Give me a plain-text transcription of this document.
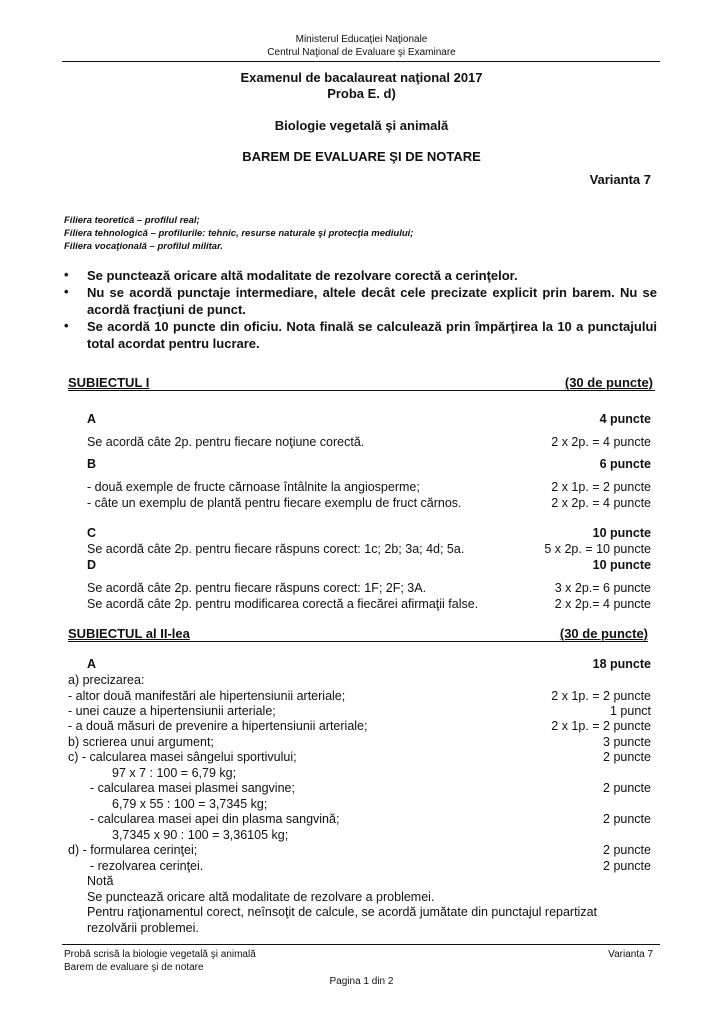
Ministerul Educaţiei Naţionale
Centrul Naţional de Evaluare şi Examinare
Examenul de bacalaureat naţional 2017
Proba E. d)
Biologie vegetală şi animală
BAREM DE EVALUARE ŞI DE NOTARE
Varianta 7
Filiera teoretică – profilul real;
Filiera tehnologică – profilurile: tehnic, resurse naturale şi protecţia mediului;
Filiera vocaţională – profilul militar.
• Se punctează oricare altă modalitate de rezolvare corectă a cerinţelor.
• Nu se acordă punctaje intermediare, altele decât cele precizate explicit prin barem. Nu se acordă fracţiuni de punct.
• Se acordă 10 puncte din oficiu. Nota finală se calculează prin împărţirea la 10 a punctajului total acordat pentru lucrare.
SUBIECTUL I	(30 de puncte)
A	4 puncte
Se acordă câte 2p. pentru fiecare noţiune corectă.	2 x 2p. = 4 puncte
B	6 puncte
- două exemple de fructe cărnoase întâlnite la angiosperme;	2 x 1p. = 2 puncte
- câte un exemplu de plantă pentru fiecare exemplu de fruct cărnos.	2 x 2p. = 4 puncte
C	10 puncte
Se acordă câte 2p. pentru fiecare răspuns corect: 1c; 2b; 3a; 4d; 5a.	5 x 2p. = 10 puncte
D	10 puncte
Se acordă câte 2p. pentru fiecare răspuns corect: 1F; 2F; 3A.	3 x 2p.= 6 puncte
Se acordă câte 2p. pentru modificarea corectă a fiecărei afirmaţii false.	2 x 2p.= 4 puncte
SUBIECTUL al II-lea	(30 de puncte)
A	18 puncte
a) precizarea:
- altor două manifestări ale hipertensiunii arteriale;	2 x 1p. = 2 puncte
- unei cauze a hipertensiunii arteriale;	1 punct
- a două măsuri de prevenire a hipertensiunii arteriale;	2 x 1p. = 2 puncte
b) scrierea unui argument;	3 puncte
c) - calcularea masei sângelui sportivului;	2 puncte
97 x 7 : 100 = 6,79 kg;
- calcularea masei plasmei sangvine;	2 puncte
6,79 x 55 : 100 = 3,7345 kg;
- calcularea masei apei din plasma sangvină;	2 puncte
3,7345 x 90 : 100 = 3,36105 kg;
d) - formularea cerinţei;	2 puncte
- rezolvarea cerinţei.	2 puncte
Notă
Se punctează oricare altă modalitate de rezolvare a problemei.
Pentru raţionamentul corect, neînsoţit de calcule, se acordă jumătate din punctajul repartizat
rezolvării problemei.
Probă scrisă la biologie vegetală şi animală
Barem de evaluare şi de notare
Varianta 7
Pagina 1 din 2
